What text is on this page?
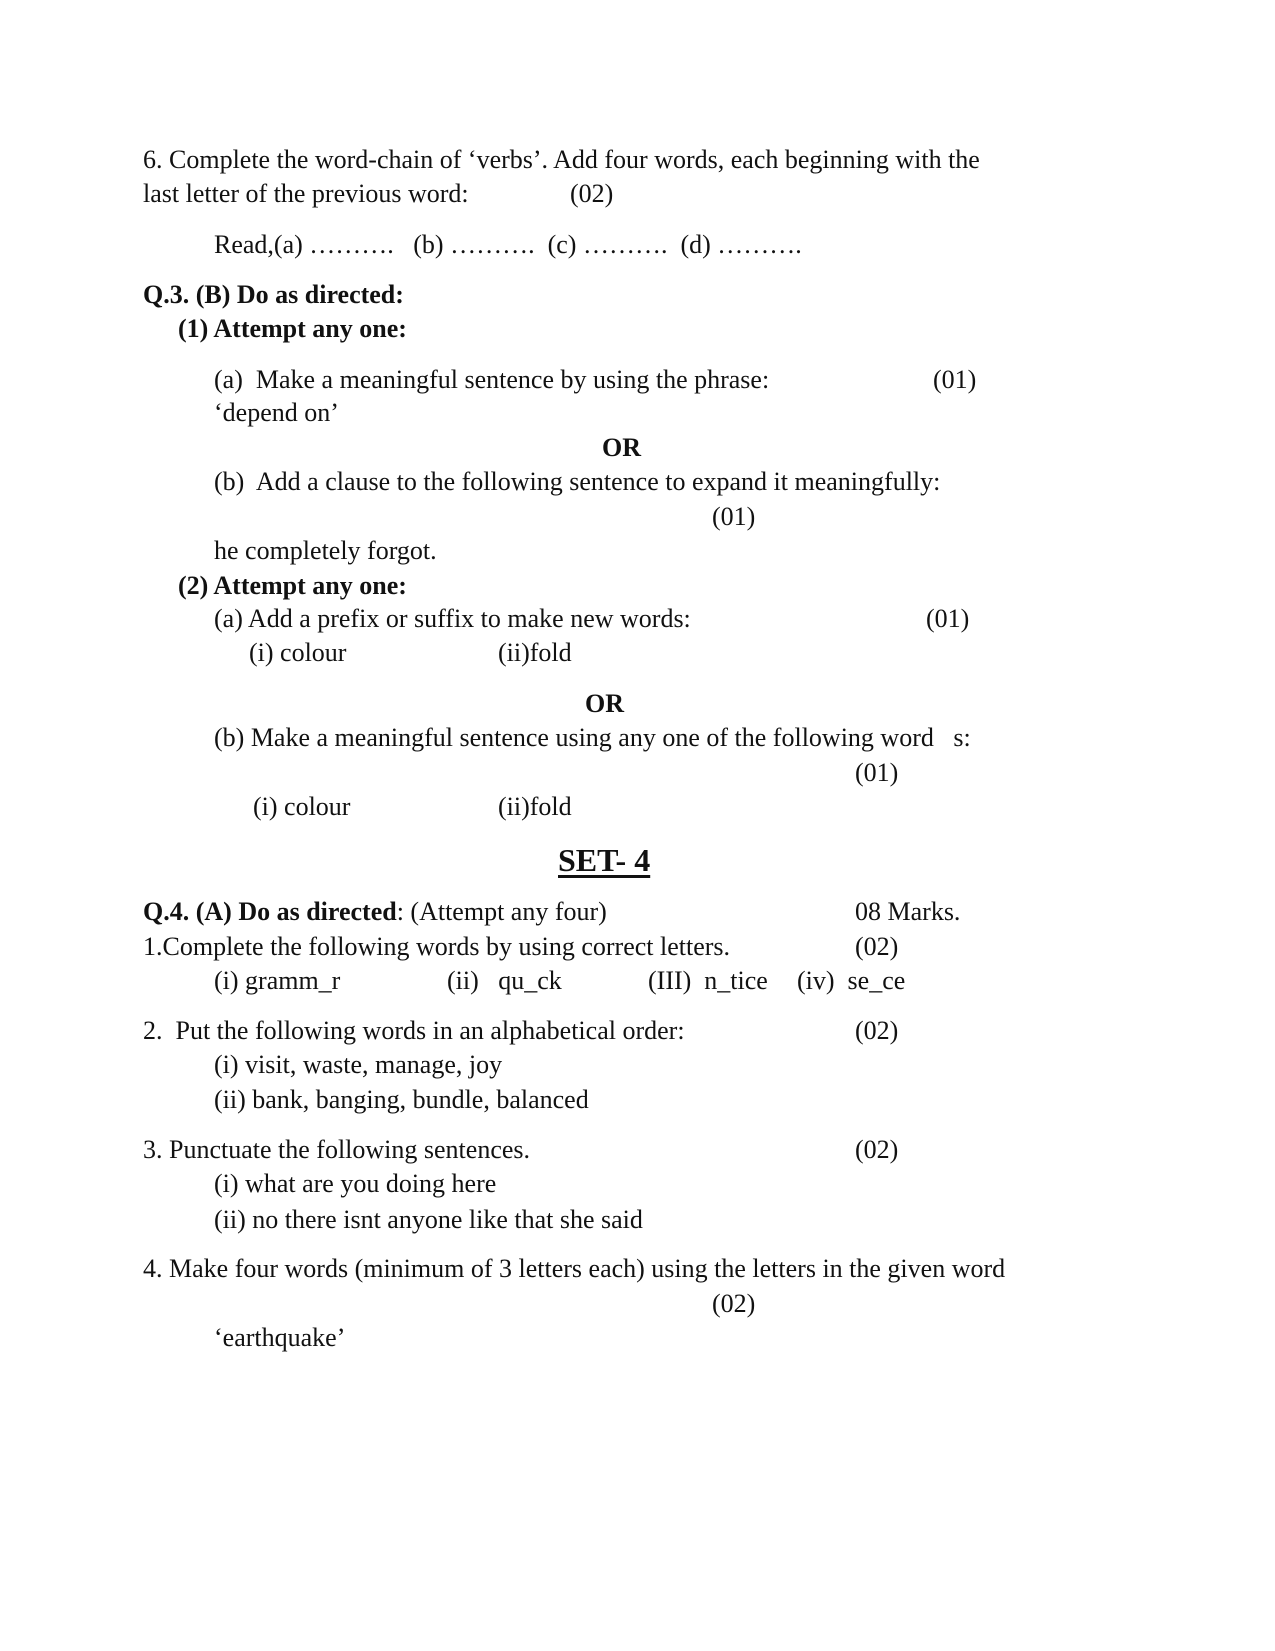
6. Complete the word-chain of ‘verbs’. Add four words, each beginning with the
last letter of the previous word:	(02)
Read,(a) ……….   (b) ……….  (c) ……….  (d) ……….
Q.3. (B) Do as directed:
(1) Attempt any one:
(a)  Make a meaningful sentence by using the phrase:	(01)
‘depend on’
OR
(b)  Add a clause to the following sentence to expand it meaningfully:
(01)
he completely forgot.
(2) Attempt any one:
(a) Add a prefix or suffix to make new words:	(01)
(i) colour	(ii)fold
OR
(b) Make a meaningful sentence using any one of the following word   s:
(01)
(i) colour	(ii)fold
SET- 4
Q.4. (A) Do as directed: (Attempt any four)	08 Marks.
1.Complete the following words by using correct letters.	(02)
(i) gramm_r	(ii)   qu_ck	(III)  n_tice (iv)  se_ce
2.  Put the following words in an alphabetical order:	(02)
(i) visit, waste, manage, joy
(ii) bank, banging, bundle, balanced
3. Punctuate the following sentences.	(02)
(i) what are you doing here
(ii) no there isnt anyone like that she said
4. Make four words (minimum of 3 letters each) using the letters in the given word
(02)
‘earthquake’
